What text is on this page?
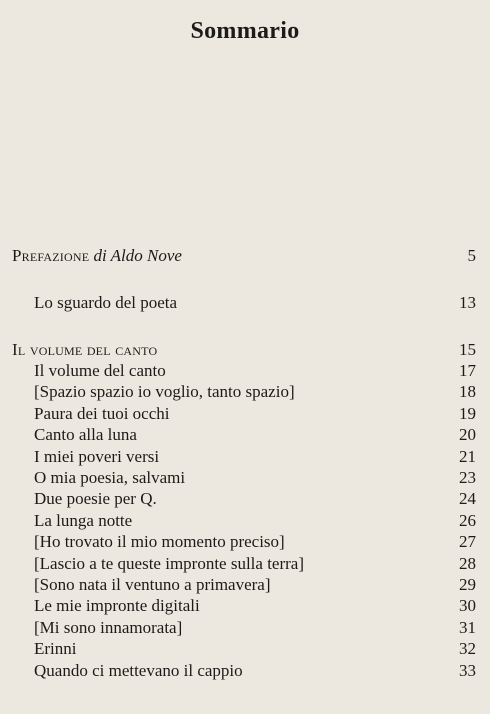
Sommario
Prefazione di Aldo Nove	5
Lo sguardo del poeta	13
Il volume del canto	15
Il volume del canto	17
[Spazio spazio io voglio, tanto spazio]	18
Paura dei tuoi occhi	19
Canto alla luna	20
I miei poveri versi	21
O mia poesia, salvami	23
Due poesie per Q.	24
La lunga notte	26
[Ho trovato il mio momento preciso]	27
[Lascio a te queste impronte sulla terra]	28
[Sono nata il ventuno a primavera]	29
Le mie impronte digitali	30
[Mi sono innamorata]	31
Erinni	32
Quando ci mettevano il cappio	33
